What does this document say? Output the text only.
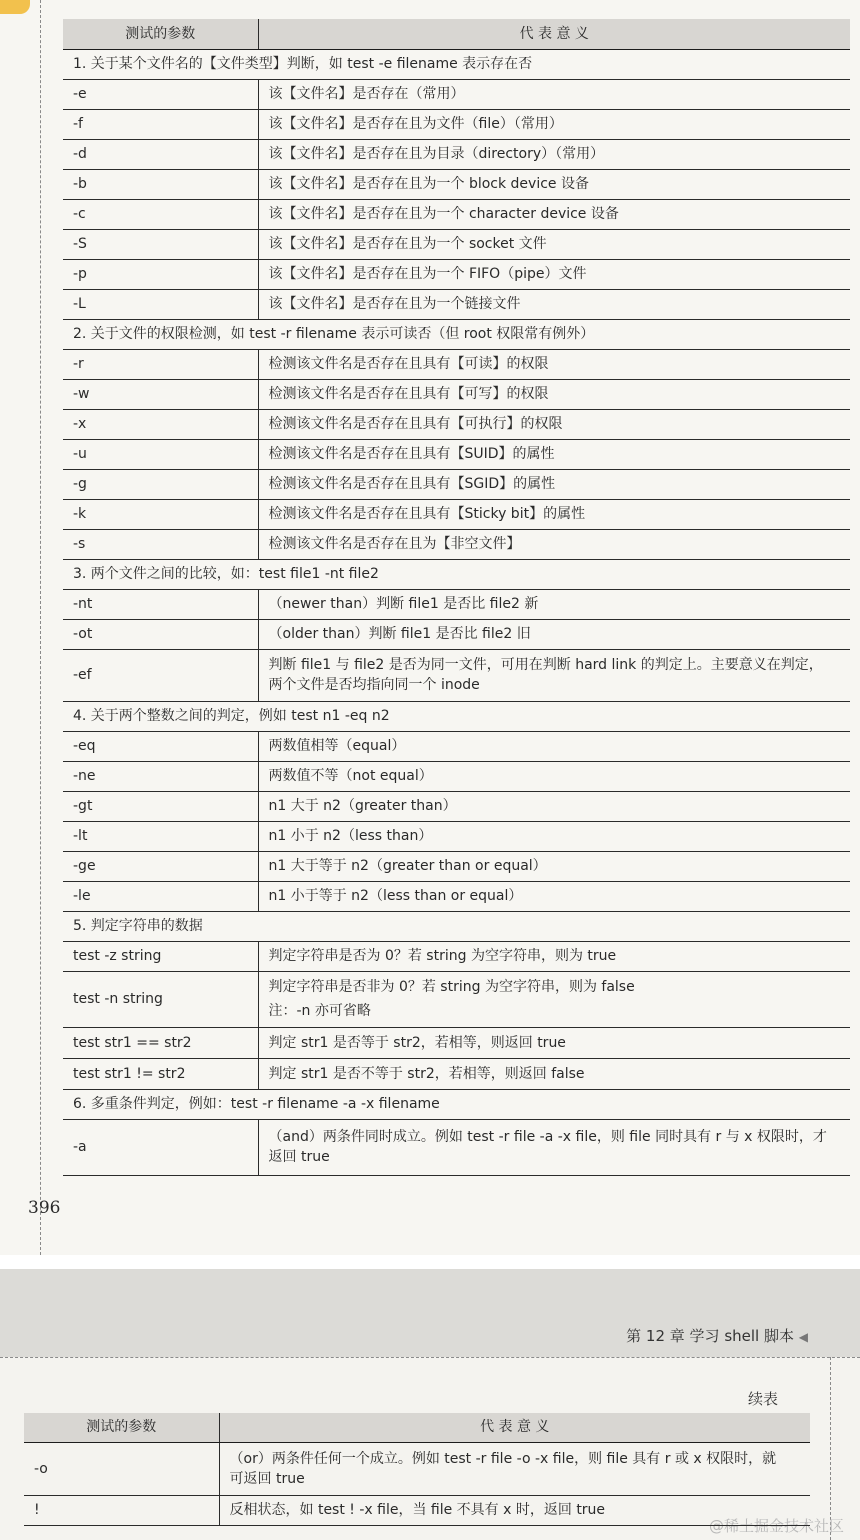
测试的参数	代 表 意 义
1. 关于某个文件名的【文件类型】判断，如 test -e filename 表示存在否	
-e	该【文件名】是否存在（常用）
-f	该【文件名】是否存在且为文件（file）（常用）
-d	该【文件名】是否存在且为目录（directory）（常用）
-b	该【文件名】是否存在且为一个 block device 设备
-c	该【文件名】是否存在且为一个 character device 设备
-S	该【文件名】是否存在且为一个 socket 文件
-p	该【文件名】是否存在且为一个 FIFO（pipe）文件
-L	该【文件名】是否存在且为一个链接文件
2. 关于文件的权限检测，如 test -r filename 表示可读否（但 root 权限常有例外）	
-r	检测该文件名是否存在且具有【可读】的权限
-w	检测该文件名是否存在且具有【可写】的权限
-x	检测该文件名是否存在且具有【可执行】的权限
-u	检测该文件名是否存在且具有【SUID】的属性
-g	检测该文件名是否存在且具有【SGID】的属性
-k	检测该文件名是否存在且具有【Sticky bit】的属性
-s	检测该文件名是否存在且为【非空文件】
3. 两个文件之间的比较，如：test file1 -nt file2	
-nt	（newer than）判断 file1 是否比 file2 新
-ot	（older than）判断 file1 是否比 file2 旧
-ef	判断 file1 与 file2 是否为同一文件，可用在判断 hard link 的判定上。主要意义在判定，
两个文件是否均指向同一个 inode

4. 关于两个整数之间的判定，例如 test n1 -eq n2	
-eq	两数值相等（equal）
-ne	两数值不等（not equal）
-gt	n1 大于 n2（greater than）
-lt	n1 小于 n2（less than）
-ge	n1 大于等于 n2（greater than or equal）
-le	n1 小于等于 n2（less than or equal）
5. 判定字符串的数据	
test -z string	判定字符串是否为 0？若 string 为空字符串，则为 true
test -n string	判定字符串是否非为 0？若 string 为空字符串，则为 false
注：-n 亦可省略

test str1 == str2	判定 str1 是否等于 str2，若相等，则返回 true
test str1 != str2	判定 str1 是否不等于 str2，若相等，则返回 false
6. 多重条件判定，例如：test -r filename -a -x filename	
-a	（and）两条件同时成立。例如 test -r file -a -x file，则 file 同时具有 r 与 x 权限时，才
返回 true
396
第 12 章 学习 shell 脚本 ◀
续表
@稀土掘金技术社区
测试的参数	代 表 意 义
-o	（or）两条件任何一个成立。例如 test -r file -o -x file，则 file 具有 r 或 x 权限时，就
可返回 true

!	反相状态，如 test ! -x file，当 file 不具有 x 时，返回 true
